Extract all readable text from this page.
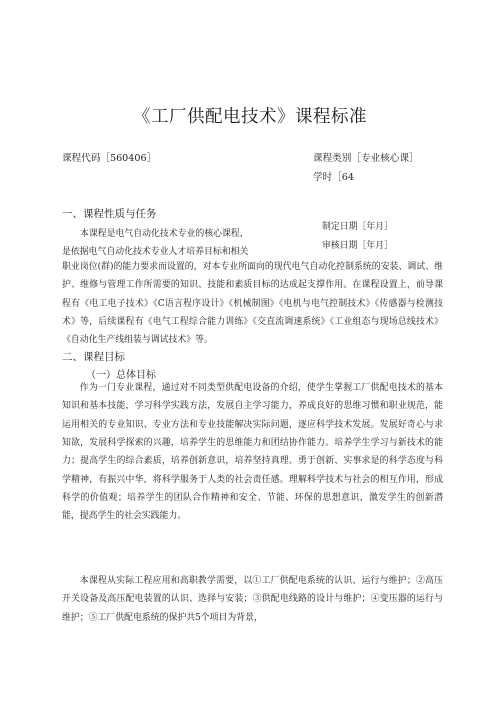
《工厂供配电技术》课程标准
课程代码［560406］	课程类别［专业核心课］
学时［64
一、课程性质与任务
本课程是电气自动化技术专业的核心课程，
制定日期［年月］
是依据电气自动化技术专业人才培养目标和相关
审核日期［年月］
职业岗位(群)的能力要求而设置的，对本专业所面向的现代电气自动化控制系统的安装、调试、维护、维修与管理工作所需要的知识、技能和素质目标的达成起支撑作用。在课程设置上，前导课程有《电工电子技术》《C语言程序设计》《机械制图》《电机与电气控制技术》《传感器与检测技术》等，后续课程有《电气工程综合能力训练》《交直流调速系统》《工业组态与现场总线技术》《自动化生产线组装与调试技术》等。
二、课程目标
（一）总体目标
作为一门专业课程，通过对不同类型供配电设备的介绍，使学生掌握工厂供配电技术的基本知识和基本技能，学习科学实践方法，发展自主学习能力，养成良好的思维习惯和职业规范，能运用相关的专业知识、专业方法和专业技能解决实际问题，逐应科学技术发展。发展好奇心与求知欲，发展科学探索的兴趣，培养学生的思维能力和团结协作能力。培养学生学习与新技术的能力；提高学生的综合素质，培养创新意识，培养坚持真理、勇于创新、实事求是的科学态度与科学精神，有振兴中华，将科学服务于人类的社会责任感。理解科学技术与社会的相互作用，形成科学的价值观；培养学生的团队合作精神和安全、节能、环保的思想意识，激发学生的创新潜能，提高学生的社会实践能力。
本课程从实际工程应用和高职教学需要，以①工厂供配电系统的认识、运行与维护；②高压开关设备及高压配电装置的认识、选择与安装；③供配电线路的设计与维护；④变压器的运行与维护；⑤工厂供配电系统的保护共5个项目为背景，
